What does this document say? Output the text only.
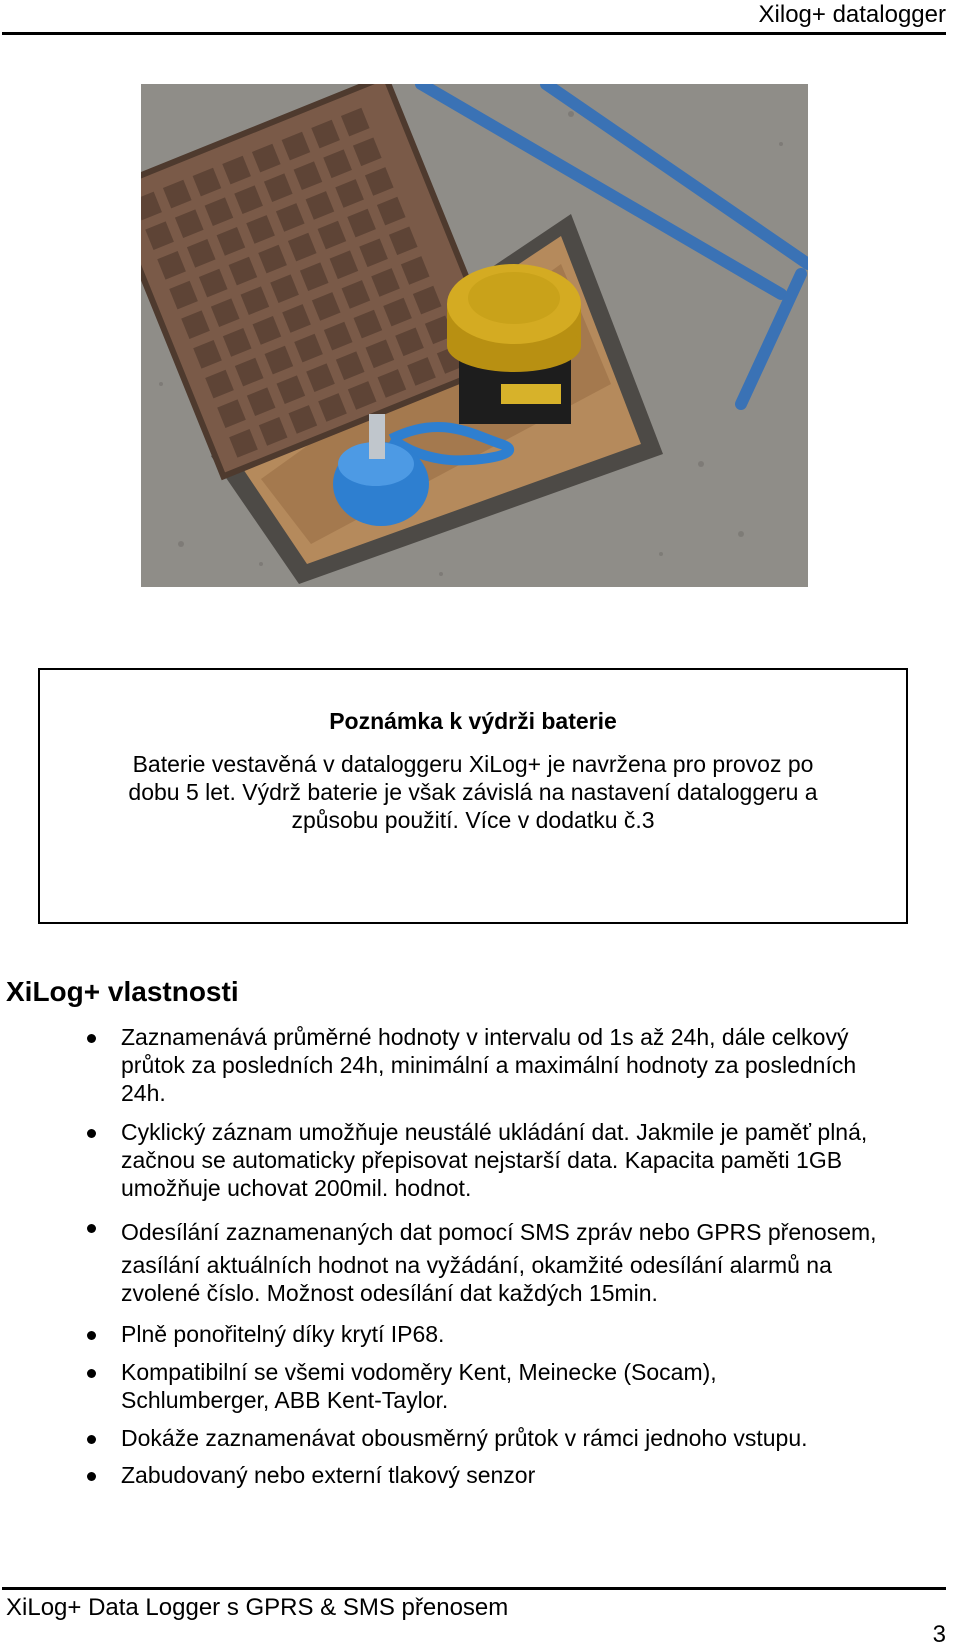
Xilog+ datalogger
Poznámka k výdrži baterie
Baterie vestavěná v dataloggeru XiLog+ je navržena pro provoz po
dobu 5 let. Výdrž baterie je však závislá na nastavení dataloggeru a
způsobu použití. Více v dodatku č.3
XiLog+ vlastnosti
Zaznamenává průměrné hodnoty v intervalu od 1s až 24h, dále celkový
průtok za posledních 24h, minimální a maximální hodnoty za posledních
24h.
Cyklický záznam umožňuje neustálé ukládání dat. Jakmile je paměť plná,
začnou se automaticky přepisovat nejstarší data. Kapacita paměti 1GB
umožňuje uchovat 200mil. hodnot.
Odesílání zaznamenaných dat pomocí SMS zpráv nebo GPRS přenosem,
zasílání aktuálních hodnot na vyžádání, okamžité odesílání alarmů na
zvolené číslo. Možnost odesílání dat každých 15min.
Plně ponořitelný díky krytí IP68.
Kompatibilní se všemi vodoměry Kent, Meinecke (Socam),
Schlumberger, ABB Kent-Taylor.
Dokáže zaznamenávat obousměrný průtok v rámci jednoho vstupu.
Zabudovaný nebo externí tlakový senzor
XiLog+ Data Logger s GPRS & SMS přenosem
3
